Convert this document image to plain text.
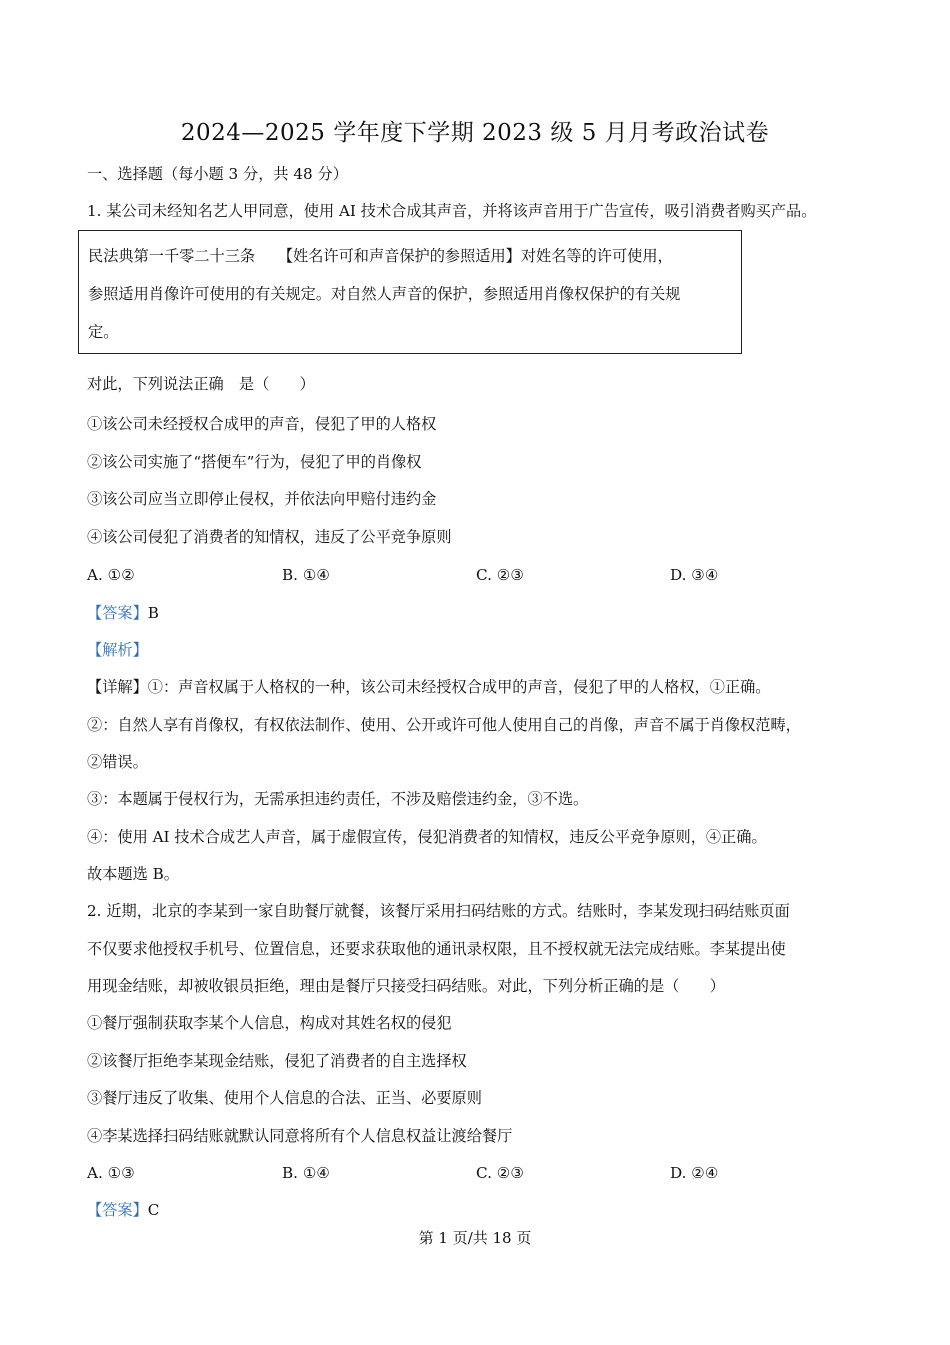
2024—2025 学年度下学期 2023 级 5 月月考政治试卷
一、选择题（每小题 3 分，共 48 分）
1. 某公司未经知名艺人甲同意，使用 AI 技术合成其声音，并将该声音用于广告宣传，吸引消费者购买产品。
民法典第一千零二十三条　　【姓名许可和声音保护的参照适用】对姓名等的许可使用，
参照适用肖像许可使用的有关规定。对自然人声音的保护，参照适用肖像权保护的有关规
定。
对此，下列说法正确　是（　　）
①该公司未经授权合成甲的声音，侵犯了甲的人格权
②该公司实施了“搭便车”行为，侵犯了甲的肖像权
③该公司应当立即停止侵权，并依法向甲赔付违约金
④该公司侵犯了消费者的知情权，违反了公平竞争原则
A. ①②	B. ①④	C. ②③	D. ③④
【答案】B
【解析】
【详解】①：声音权属于人格权的一种，该公司未经授权合成甲的声音，侵犯了甲的人格权，①正确。
②：自然人享有肖像权，有权依法制作、使用、公开或许可他人使用自己的肖像，声音不属于肖像权范畴，
②错误。
③：本题属于侵权行为，无需承担违约责任，不涉及赔偿违约金，③不选。
④：使用 AI 技术合成艺人声音，属于虚假宣传，侵犯消费者的知情权，违反公平竞争原则，④正确。
故本题选 B。
2. 近期，北京的李某到一家自助餐厅就餐，该餐厅采用扫码结账的方式。结账时，李某发现扫码结账页面
不仅要求他授权手机号、位置信息，还要求获取他的通讯录权限，且不授权就无法完成结账。李某提出使
用现金结账，却被收银员拒绝，理由是餐厅只接受扫码结账。对此，下列分析正确的是（　　）
①餐厅强制获取李某个人信息，构成对其姓名权的侵犯
②该餐厅拒绝李某现金结账，侵犯了消费者的自主选择权
③餐厅违反了收集、使用个人信息的合法、正当、必要原则
④李某选择扫码结账就默认同意将所有个人信息权益让渡给餐厅
A. ①③	B. ①④	C. ②③	D. ②④
【答案】C
第 1 页/共 18 页
